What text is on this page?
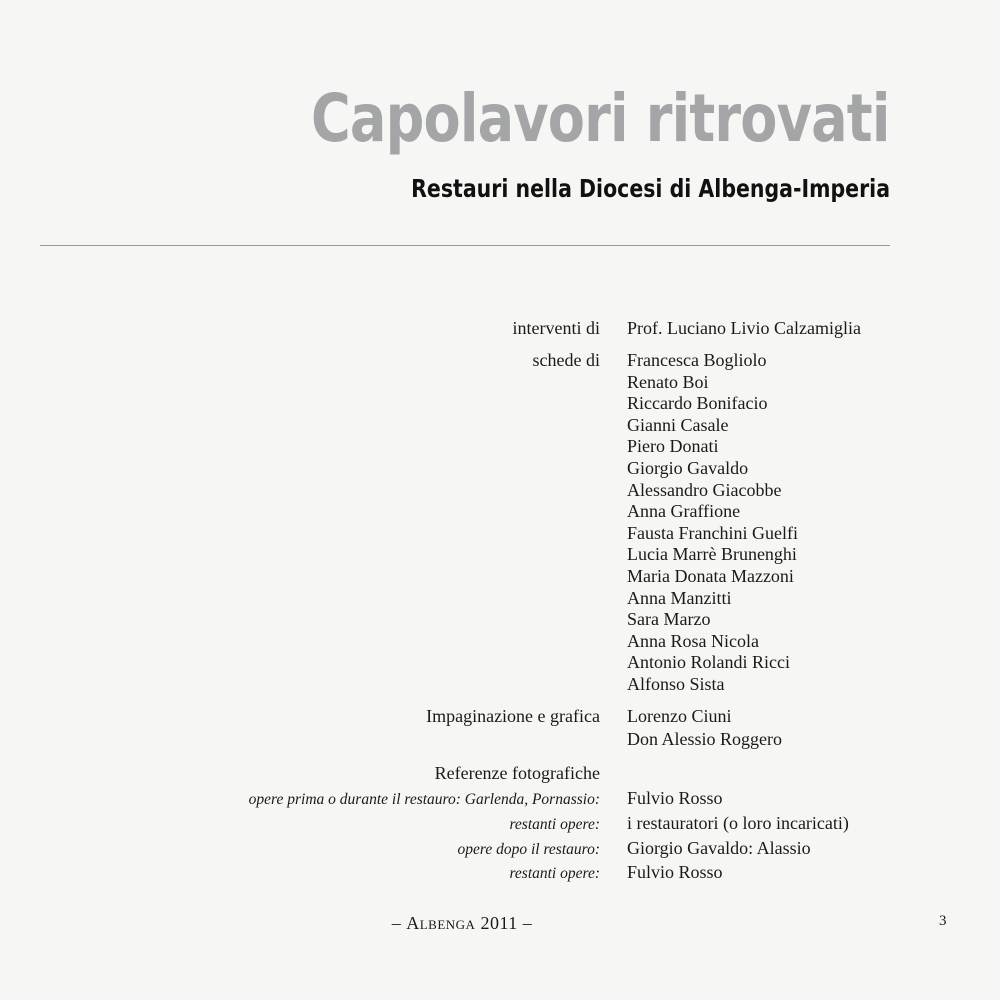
Capolavori ritrovati
Restauri nella Diocesi di Albenga-Imperia
interventi di Prof. Luciano Livio Calzamiglia
schede di Francesca Bogliolo
Renato Boi
Riccardo Bonifacio
Gianni Casale
Piero Donati
Giorgio Gavaldo
Alessandro Giacobbe
Anna Graffione
Fausta Franchini Guelfi
Lucia Marrè Brunenghi
Maria Donata Mazzoni
Anna Manzitti
Sara Marzo
Anna Rosa Nicola
Antonio Rolandi Ricci
Alfonso Sista
Impaginazione e grafica Lorenzo Ciuni
Don Alessio Roggero
Referenze fotografiche
opere prima o durante il restauro: Garlenda, Pornassio: Fulvio Rosso
restanti opere: i restauratori (o loro incaricati)
opere dopo il restauro: Giorgio Gavaldo: Alassio
restanti opere: Fulvio Rosso
– Albenga 2011 –	3
